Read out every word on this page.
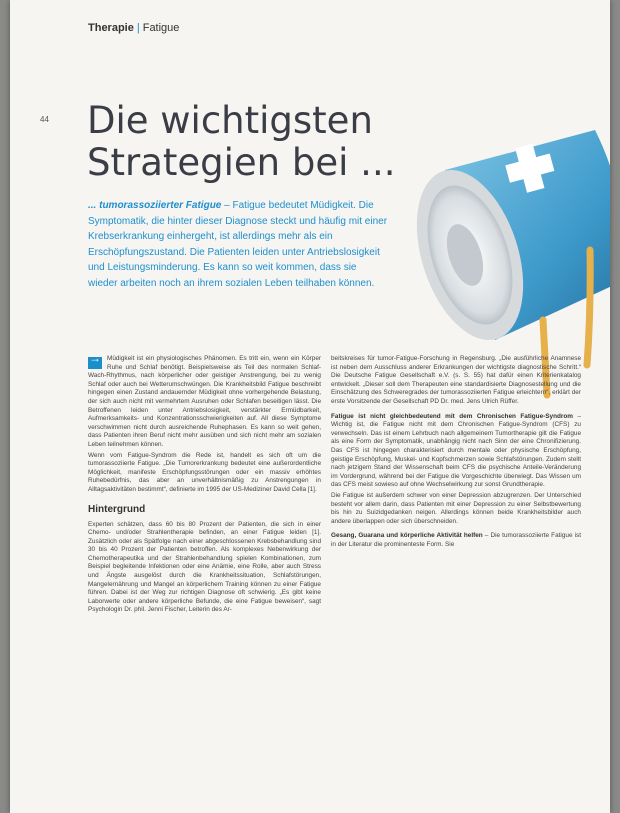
Therapie | Fatigue
44 Die wichtigsten
Strategien bei ...
... tumorassoziierter Fatigue – Fatigue bedeutet Müdigkeit. Die Symptomatik, die hinter dieser Diagnose steckt und häufig mit einer Krebserkrankung einhergeht, ist allerdings mehr als ein Erschöpfungszustand. Die Patienten leiden unter Antriebslosigkeit und Leistungsminderung. Es kann so weit kommen, dass sie wieder arbeiten noch an ihrem sozialen Leben teilhaben können.

→
Müdigkeit ist ein physiologisches Phänomen. Es tritt ein, wenn ein Körper Ruhe und Schlaf benötigt. Beispielsweise als Teil des normalen Schlaf-Wach-Rhythmus, nach körperlicher oder geistiger Anstrengung, bei zu wenig Schlaf oder auch bei Wetterumschwüngen. Die Krankheitsbild Fatigue beschreibt hingegen einen Zustand andauernder Müdigkeit ohne vorhergehende Belastung, der sich auch nicht mit vermehrtem Ausruhen oder Schlafen beseitigen lässt. Die Betroffenen leiden unter Antriebslosigkeit, verstärkter Ermüdbarkeit, Aufmerksamkeits- und Konzentrationsschwierigkeiten auf. All diese Symptome verschwimmen nicht durch ausreichende Ruhephasen. Es kann so weit gehen, dass Patienten ihren Beruf nicht mehr ausüben und sich nicht mehr am sozialen Leben teilnehmen können.

Wenn vom Fatigue-Syndrom die Rede ist, handelt es sich oft um die tumorassoziierte Fatigue. „Die Tumorerkrankung bedeutet eine außerordentliche Möglichkeit, manifeste Erschöpfungsstörungen oder ein massiv erhöhtes Ruhebedürfnis, das aber an unverhältnismäßig zu Anstrengungen in Alltagsaktivitäten bestimmt“, definierte im 1995 der US-Mediziner David Cella [1].

Hintergrund

Experten schätzen, dass 60 bis 80 Prozent der Patienten, die sich in einer Chemo- und/oder Strahlentherapie befinden, an einer Fatigue leiden [1]. Zusätzlich oder als Spätfolge nach einer abgeschlossenen Krebsbehandlung sind 30 bis 40 Prozent der Patienten betroffen. Als komplexes Nebenwirkung der Chemotherapeutika und der Strahlenbehandlung spielen Kombinationen, zum Beispiel begleitende Infektionen oder eine Anämie, eine Rolle, aber auch Stress und Ängste ausgelöst durch die Krankheitssituation, Schlafstörungen, Mangelernährung und Mangel an körperlichem Training können zu einer Fatigue führen. Dabei ist der Weg zur richtigen Diagnose oft schwierig. „Es gibt keine Laborwerte oder andere körperliche Befunde, die eine Fatigue beweisen“, sagt Psychologin Dr. phil. Jenni Fischer, Leiterin des Ar-

beitskreises für tumor-Fatigue-Forschung in Regensburg. „Die ausführliche Anamnese ist neben dem Ausschluss anderer Erkrankungen der wichtigste diagnostische Schritt.“ Die Deutsche Fatigue Gesellschaft e.V. (s. S. 55) hat dafür einen Kriterienkatalog entwickelt. „Dieser soll dem Therapeuten eine standardisierte Diagnosestellung und die Einschätzung des Schweregrades der tumorassoziierten Fatigue erleichtern“, erklärt der erste Vorsitzende der Gesellschaft PD Dr. med. Jens Ulrich Rüffer.

Fatigue ist nicht gleichbedeutend mit dem Chronischen Fatigue-Syndrom – Wichtig ist, die Fatigue nicht mit dem Chronischen Fatigue-Syndrom (CFS) zu verwechseln. Das ist einem Lehrbuch nach allgemeinem Tumortherapie gilt die Fatigue als eine Form der Symptomatik, unabhängig nicht nach Sinn der eine Chronifizierung. Das CFS ist hingegen charakterisiert durch mentale oder physische Erschöpfung, geistige Erschöpfung, Muskel- und Kopfschmerzen sowie Schlafstörungen. Zudem stellt nach jetzigem Stand der Wissenschaft beim CFS die psychische Anteile-Veränderung im Vordergrund, während bei der Fatigue die Vorgeschichte überwiegt. Das Wissen um das CFS meist sowieso auf ohne Wechselwirkung zur sonst Grundtherapie.

Die Fatigue ist außerdem schwer von einer Depression abzugrenzen. Der Unterschied besteht vor allem darin, dass Patienten mit einer Depression zu einer Selbstbewertung bis hin zu Suizidgedanken neigen. Allerdings können beide Krankheitsbilder auch andere überlappen oder sich überschneiden.

Gesang, Guarana und körperliche Aktivität helfen – Die tumorassoziierte Fatigue ist in der Literatur die prominenteste Form. Sie
